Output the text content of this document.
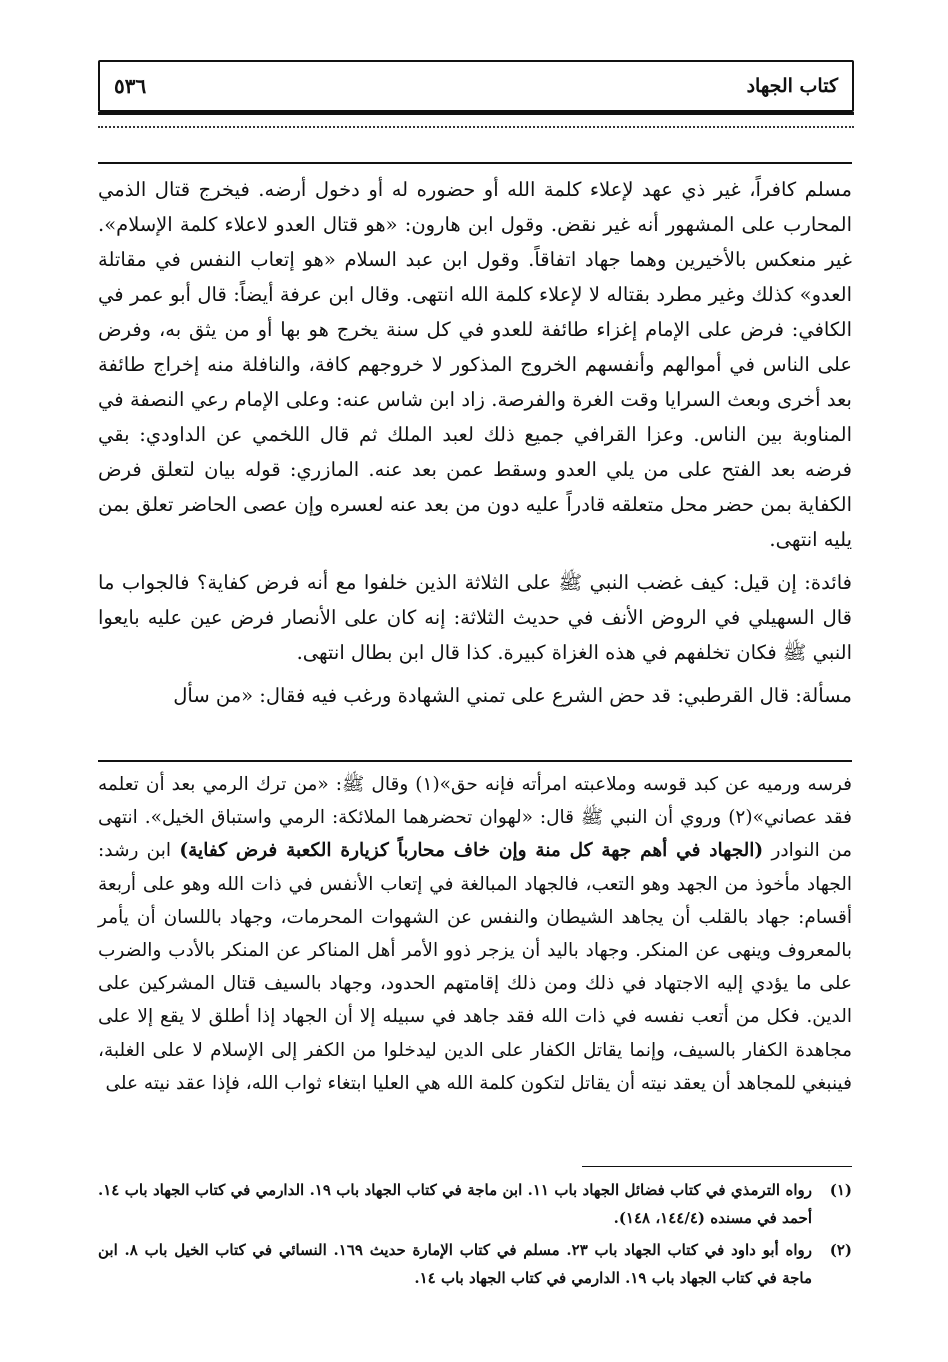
كتاب الجهاد
٥٣٦

مسلم كافراً، غير ذي عهد لإعلاء كلمة الله أو حضوره له أو دخول أرضه. فيخرج قتال الذمي المحارب على المشهور أنه غير نقض. وقول ابن هارون: «هو قتال العدو لاعلاء كلمة الإسلام». غير منعكس بالأخيرين وهما جهاد اتفاقاً. وقول ابن عبد السلام «هو إتعاب النفس في مقاتلة العدو» كذلك وغير مطرد بقتاله لا لإعلاء كلمة الله انتهى. وقال ابن عرفة أيضاً: قال أبو عمر في الكافي: فرض على الإمام إغزاء طائفة للعدو في كل سنة يخرج هو بها أو من يثق به، وفرض على الناس في أموالهم وأنفسهم الخروج المذكور لا خروجهم كافة، والنافلة منه إخراج طائفة بعد أخرى وبعث السرايا وقت الغرة والفرصة. زاد ابن شاس عنه: وعلى الإمام رعي النصفة في المناوبة بين الناس. وعزا القرافي جميع ذلك لعبد الملك ثم قال اللخمي عن الداودي: بقي فرضه بعد الفتح على من يلي العدو وسقط عمن بعد عنه. المازري: قوله بيان لتعلق فرض الكفاية بمن حضر محل متعلقه قادراً عليه دون من بعد عنه لعسره وإن عصى الحاضر تعلق بمن يليه انتهى.

فائدة: إن قيل: كيف غضب النبي ﷺ على الثلاثة الذين خلفوا مع أنه فرض كفاية؟ فالجواب ما قال السهيلي في الروض الأنف في حديث الثلاثة: إنه كان على الأنصار فرض عين عليه بايعوا النبي ﷺ فكان تخلفهم في هذه الغزاة كبيرة. كذا قال ابن بطال انتهى.

مسألة: قال القرطبي: قد حض الشرع على تمني الشهادة ورغب فيه فقال: «من سأل

فرسه ورميه عن كبد قوسه وملاعبته امرأته فإنه حق»(١) وقال ﷺ: «من ترك الرمي بعد أن تعلمه فقد عصاني»(٢) وروي أن النبي ﷺ قال: «لهوان تحضرهما الملائكة: الرمي واستباق الخيل». انتهى من النوادر (الجهاد في أهم جهة كل منة وإن خاف محارباً كزيارة الكعبة فرض كفاية) ابن رشد: الجهاد مأخوذ من الجهد وهو التعب، فالجهاد المبالغة في إتعاب الأنفس في ذات الله وهو على أربعة أقسام: جهاد بالقلب أن يجاهد الشيطان والنفس عن الشهوات المحرمات، وجهاد باللسان أن يأمر بالمعروف وينهى عن المنكر. وجهاد باليد أن يزجر ذوو الأمر أهل المناكر عن المنكر بالأدب والضرب على ما يؤدي إليه الاجتهاد في ذلك ومن ذلك إقامتهم الحدود، وجهاد بالسيف قتال المشركين على الدين. فكل من أتعب نفسه في ذات الله فقد جاهد في سبيله إلا أن الجهاد إذا أطلق لا يقع إلا على مجاهدة الكفار بالسيف، وإنما يقاتل الكفار على الدين ليدخلوا من الكفر إلى الإسلام لا على الغلبة، فينبغي للمجاهد أن يعقد نيته أن يقاتل لتكون كلمة الله هي العليا ابتغاء ثواب الله، فإذا عقد نيته على

(١)
رواه الترمذي في كتاب فضائل الجهاد باب ١١. ابن ماجة في كتاب الجهاد باب ١٩. الدارمي في كتاب الجهاد باب ١٤. أحمد في مسنده (١٤٤/٤، ١٤٨).
(٢)
رواه أبو داود في كتاب الجهاد باب ٢٣. مسلم في كتاب الإمارة حديث ١٦٩. النسائي في كتاب الخيل باب ٨. ابن ماجة في كتاب الجهاد باب ١٩. الدارمي في كتاب الجهاد باب ١٤.
